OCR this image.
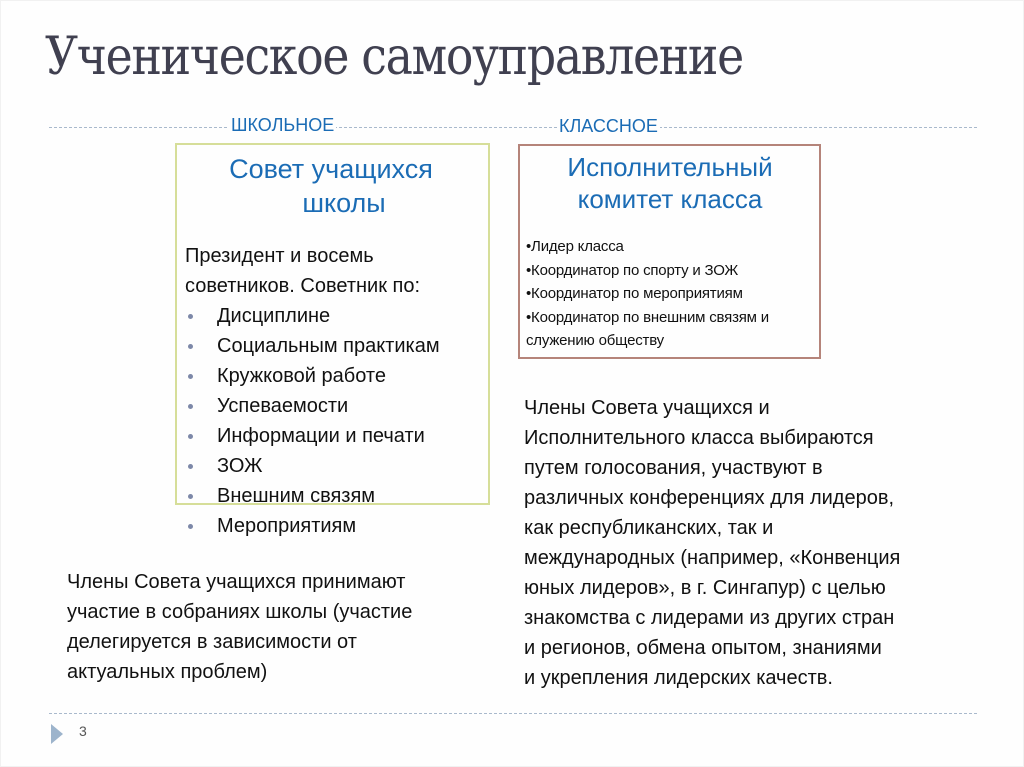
Ученическое самоуправление
ШКОЛЬНОЕ	КЛАССНОЕ
Совет учащихся
школы
Президент и восемь
советников. Советник по:
Дисциплине
Социальным практикам
Кружковой работе
Успеваемости
Информации и печати
ЗОЖ
Внешним связям
Мероприятиям
Исполнительный
комитет класса
•Лидер класса
•Координатор по спорту и ЗОЖ
•Координатор по мероприятиям
•Координатор по внешним связям и
служению обществу
Члены Совета учащихся принимают
участие в собраниях школы (участие
делегируется в зависимости от
актуальных проблем)
Члены Совета учащихся и
Исполнительного класса выбираются
путем голосования, участвуют в
различных конференциях для лидеров,
как республиканских, так и
международных (например, «Конвенция
юных лидеров», в г. Сингапур) с целью
знакомства с лидерами из других стран
и регионов, обмена опытом, знаниями
и укрепления лидерских качеств.
3
